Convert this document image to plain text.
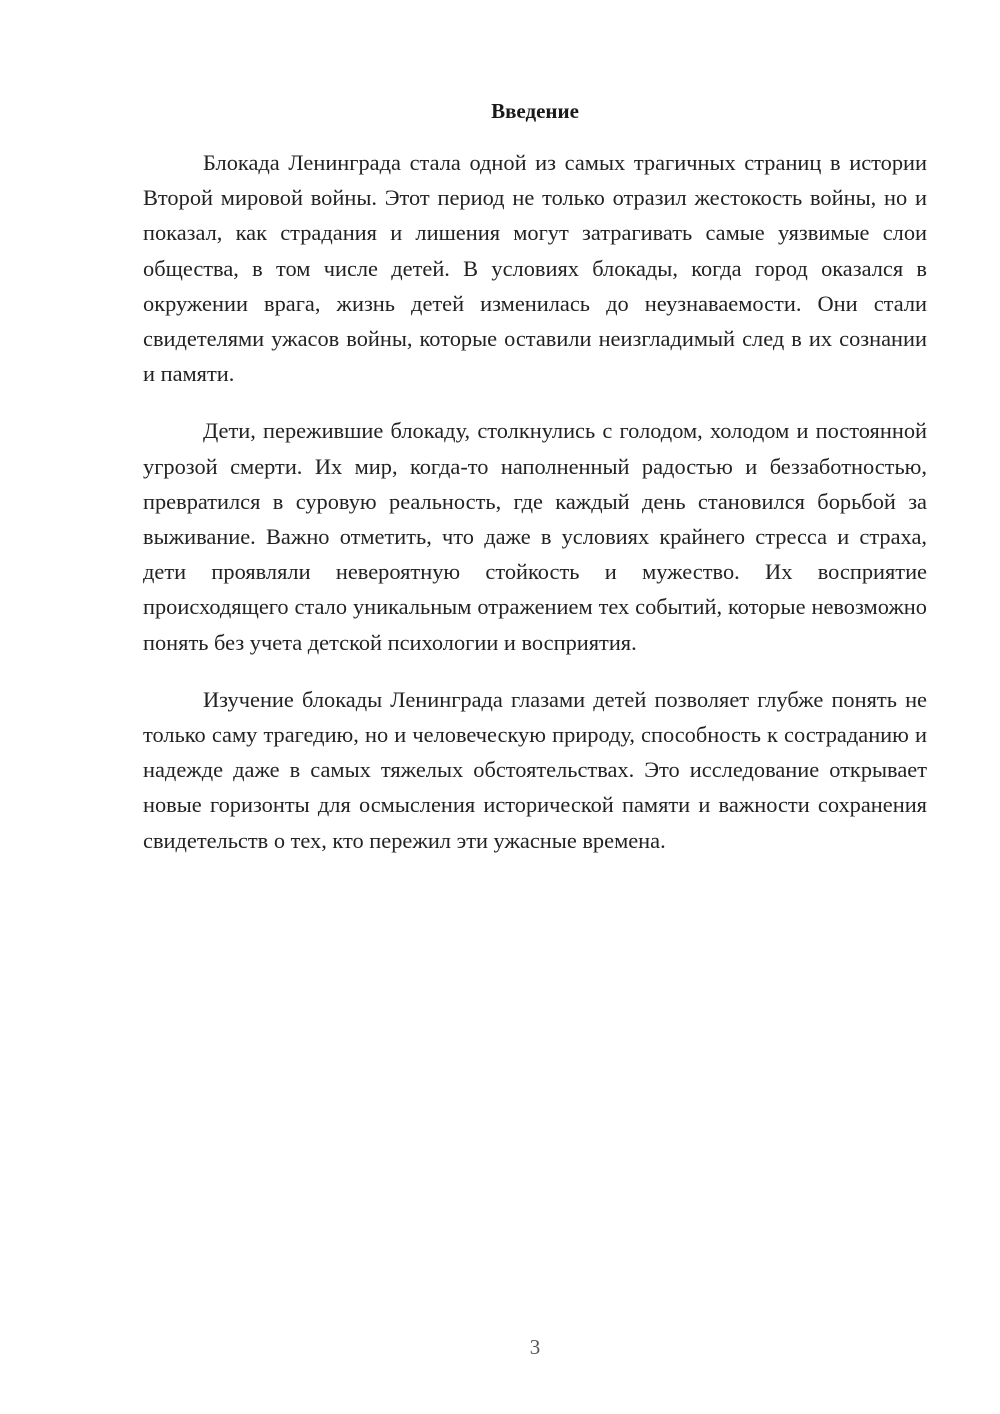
Введение

Блокада Ленинграда стала одной из самых трагичных страниц в истории Второй мировой войны. Этот период не только отразил жестокость войны, но и показал, как страдания и лишения могут затрагивать самые уязвимые слои общества, в том числе детей. В условиях блокады, когда город оказался в окружении врага, жизнь детей изменилась до неузнаваемости. Они стали свидетелями ужасов войны, которые оставили неизгладимый след в их сознании и памяти.

Дети, пережившие блокаду, столкнулись с голодом, холодом и постоянной угрозой смерти. Их мир, когда-то наполненный радостью и беззаботностью, превратился в суровую реальность, где каждый день становился борьбой за выживание. Важно отметить, что даже в условиях крайнего стресса и страха, дети проявляли невероятную стойкость и мужество. Их восприятие происходящего стало уникальным отражением тех событий, которые невозможно понять без учета детской психологии и восприятия.

Изучение блокады Ленинграда глазами детей позволяет глубже понять не только саму трагедию, но и человеческую природу, способность к состраданию и надежде даже в самых тяжелых обстоятельствах. Это исследование открывает новые горизонты для осмысления исторической памяти и важности сохранения свидетельств о тех, кто пережил эти ужасные времена.

3
